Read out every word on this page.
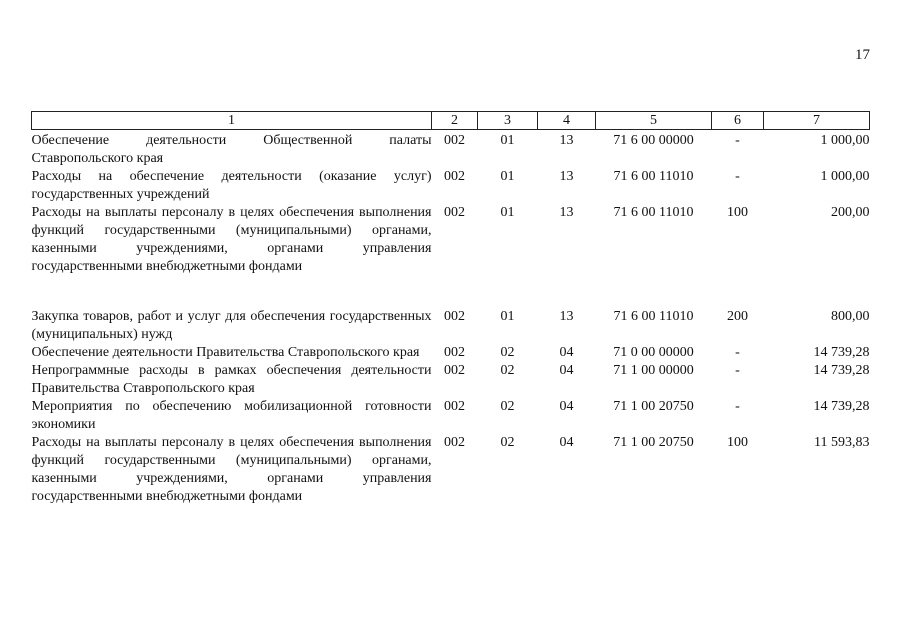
17
1	2	3	4	5	6	7
Обеспечение деятельности Общественной палаты Ставропольского края	002	01	13	71 6 00 00000	-	1 000,00
Расходы на обеспечение деятельности (оказание услуг) государственных учреждений	002	01	13	71 6 00 11010	-	1 000,00
Расходы на выплаты персоналу в целях обеспечения выполнения функций государственными (муниципальными) органами, казенными учреждениями, органами управления государственными внебюджетными фондами	002	01	13	71 6 00 11010	100	200,00
Закупка товаров, работ и услуг для обеспечения государственных (муниципальных) нужд	002	01	13	71 6 00 11010	200	800,00
Обеспечение деятельности Правительства Ставропольского края	002	02	04	71 0 00 00000	-	14 739,28
Непрограммные расходы в рамках обеспечения деятельности Правительства Ставропольского края	002	02	04	71 1 00 00000	-	14 739,28
Мероприятия по обеспечению мобилизационной готовности экономики	002	02	04	71 1 00 20750	-	14 739,28
Расходы на выплаты персоналу в целях обеспечения выполнения функций государственными (муниципальными) органами, казенными учреждениями, органами управления государственными внебюджетными фондами	002	02	04	71 1 00 20750	100	11 593,83
